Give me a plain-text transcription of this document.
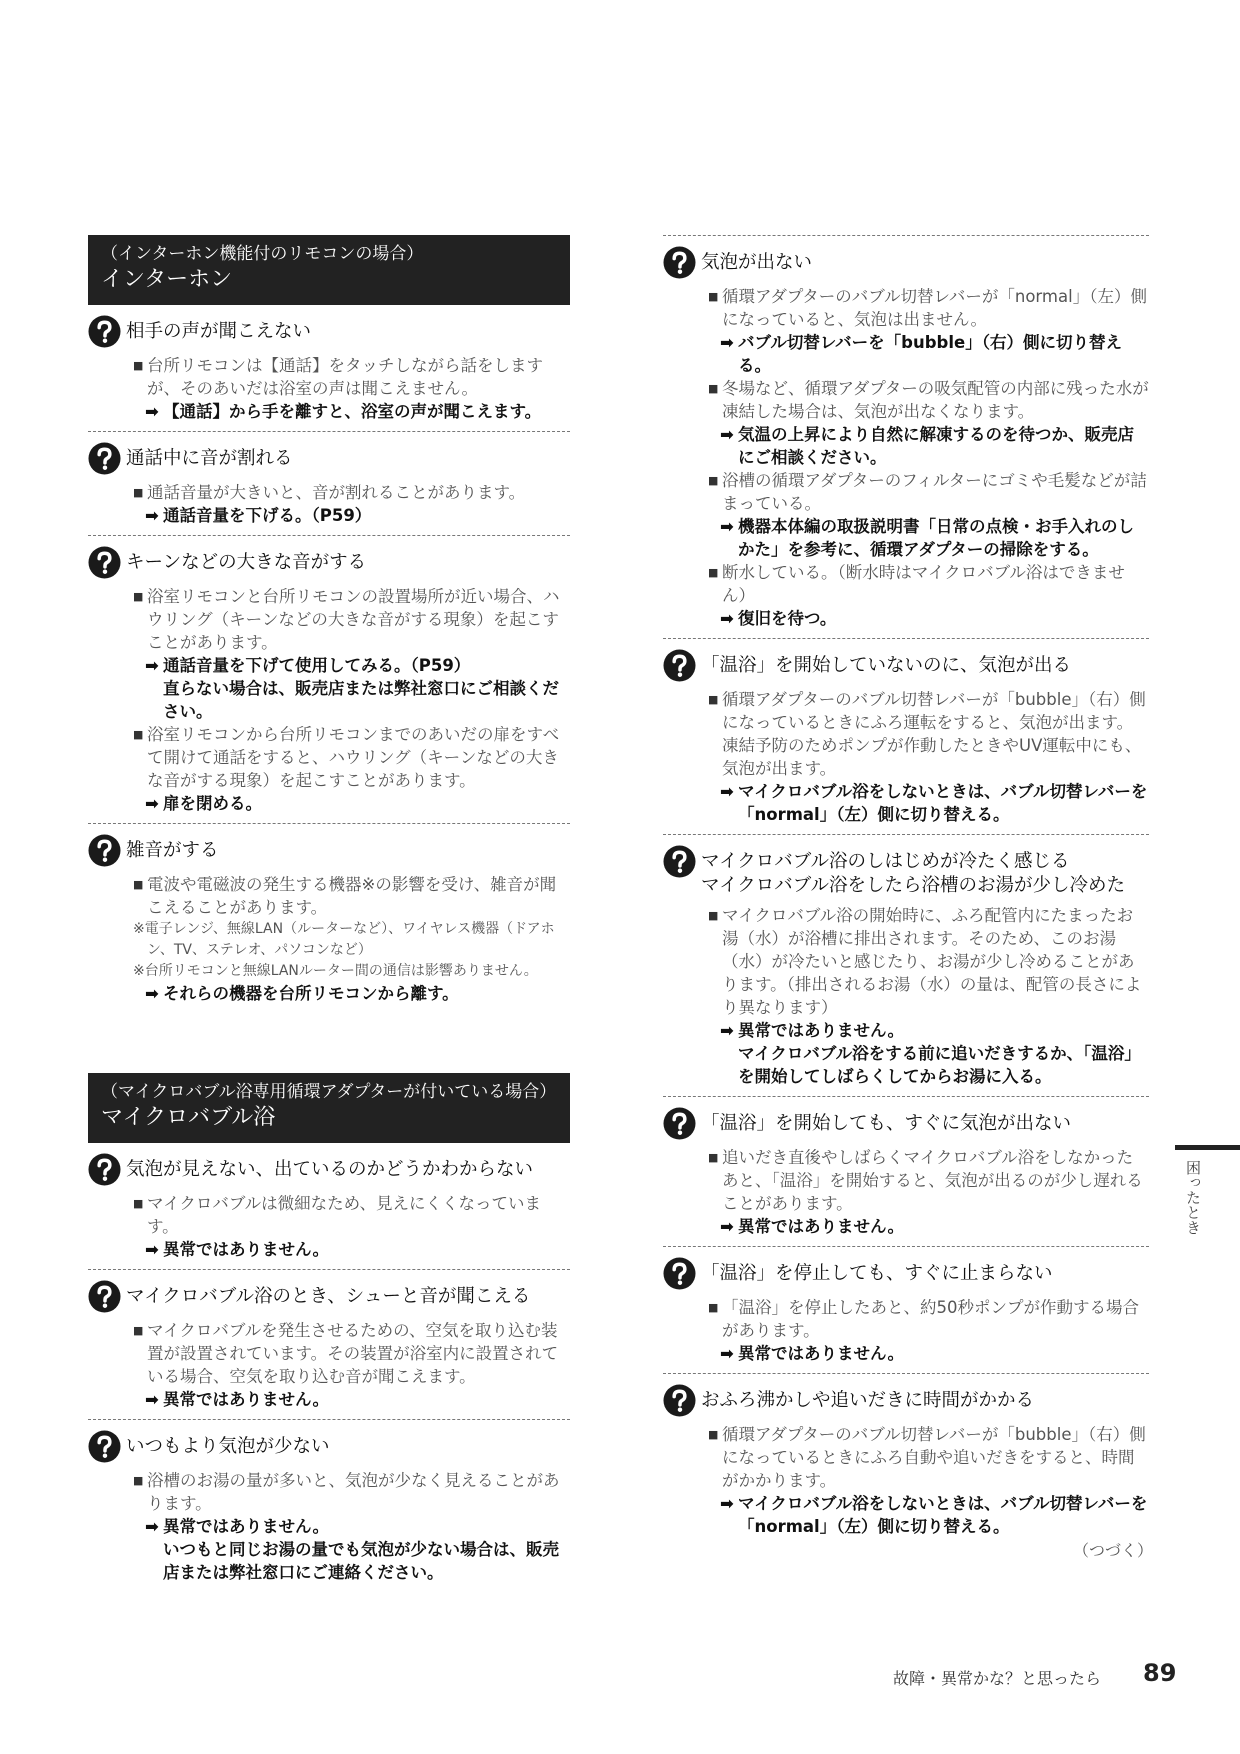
（インターホン機能付のリモコンの場合）
インターホン
相手の声が聞こえない
■ 台所リモコンは【通話】をタッチしながら話をしますが、そのあいだは浴室の声は聞こえません。

➡ 【通話】から手を離すと、浴室の声が聞こえます。

通話中に音が割れる
■ 通話音量が大きいと、音が割れることがあります。

➡ 通話音量を下げる。（P59）

キーンなどの大きな音がする
■ 浴室リモコンと台所リモコンの設置場所が近い場合、ハウリング（キーンなどの大きな音がする現象）を起こすことがあります。

➡ 通話音量を下げて使用してみる。（P59）

直らない場合は、販売店または弊社窓口にご相談ください。

■ 浴室リモコンから台所リモコンまでのあいだの扉をすべて開けて通話をすると、ハウリング（キーンなどの大きな音がする現象）を起こすことがあります。

➡ 扉を閉める。

雑音がする
■ 電波や電磁波の発生する機器※の影響を受け、雑音が聞こえることがあります。

※電子レンジ、無線LAN（ルーターなど）、ワイヤレス機器（ドアホン、TV、ステレオ、パソコンなど）

※台所リモコンと無線LANルーター間の通信は影響ありません。

➡ それらの機器を台所リモコンから離す。

（マイクロバブル浴専用循環アダプターが付いている場合）
マイクロバブル浴
気泡が見えない、出ているのかどうかわからない
■ マイクロバブルは微細なため、見えにくくなっています。

➡ 異常ではありません。

マイクロバブル浴のとき、シューと音が聞こえる
■ マイクロバブルを発生させるための、空気を取り込む装置が設置されています。その装置が浴室内に設置されている場合、空気を取り込む音が聞こえます。

➡ 異常ではありません。

いつもより気泡が少ない
■ 浴槽のお湯の量が多いと、気泡が少なく見えることがあります。

➡ 異常ではありません。

いつもと同じお湯の量でも気泡が少ない場合は、販売店または弊社窓口にご連絡ください。

気泡が出ない
■ 循環アダプターのバブル切替レバーが「normal」（左）側になっていると、気泡は出ません。

➡ バブル切替レバーを「bubble」（右）側に切り替える。

■ 冬場など、循環アダプターの吸気配管の内部に残った水が凍結した場合は、気泡が出なくなります。

➡ 気温の上昇により自然に解凍するのを待つか、販売店にご相談ください。

■ 浴槽の循環アダプターのフィルターにゴミや毛髪などが詰まっている。

➡ 機器本体編の取扱説明書「日常の点検・お手入れのしかた」を参考に、循環アダプターの掃除をする。

■ 断水している。（断水時はマイクロバブル浴はできません）

➡ 復旧を待つ。

「温浴」を開始していないのに、気泡が出る
■ 循環アダプターのバブル切替レバーが「bubble」（右）側になっているときにふろ運転をすると、気泡が出ます。凍結予防のためポンプが作動したときやUV運転中にも、気泡が出ます。

➡ マイクロバブル浴をしないときは、バブル切替レバーを「normal」（左）側に切り替える。

マイクロバブル浴のしはじめが冷たく感じる
マイクロバブル浴をしたら浴槽のお湯が少し冷めた
■ マイクロバブル浴の開始時に、ふろ配管内にたまったお湯（水）が浴槽に排出されます。そのため、このお湯（水）が冷たいと感じたり、お湯が少し冷めることがあります。（排出されるお湯（水）の量は、配管の長さにより異なります）

➡ 異常ではありません。

マイクロバブル浴をする前に追いだきするか、「温浴」を開始してしばらくしてからお湯に入る。

「温浴」を開始しても、すぐに気泡が出ない
■ 追いだき直後やしばらくマイクロバブル浴をしなかったあと、「温浴」を開始すると、気泡が出るのが少し遅れることがあります。

➡ 異常ではありません。

「温浴」を停止しても、すぐに止まらない
■ 「温浴」を停止したあと、約50秒ポンプが作動する場合があります。

➡ 異常ではありません。

おふろ沸かしや追いだきに時間がかかる
■ 循環アダプターのバブル切替レバーが「bubble」（右）側になっているときにふろ自動や追いだきをすると、時間がかかります。

➡ マイクロバブル浴をしないときは、バブル切替レバーを「normal」（左）側に切り替える。

（つづく）
困ったとき
故障・異常かな？と思ったら 89
